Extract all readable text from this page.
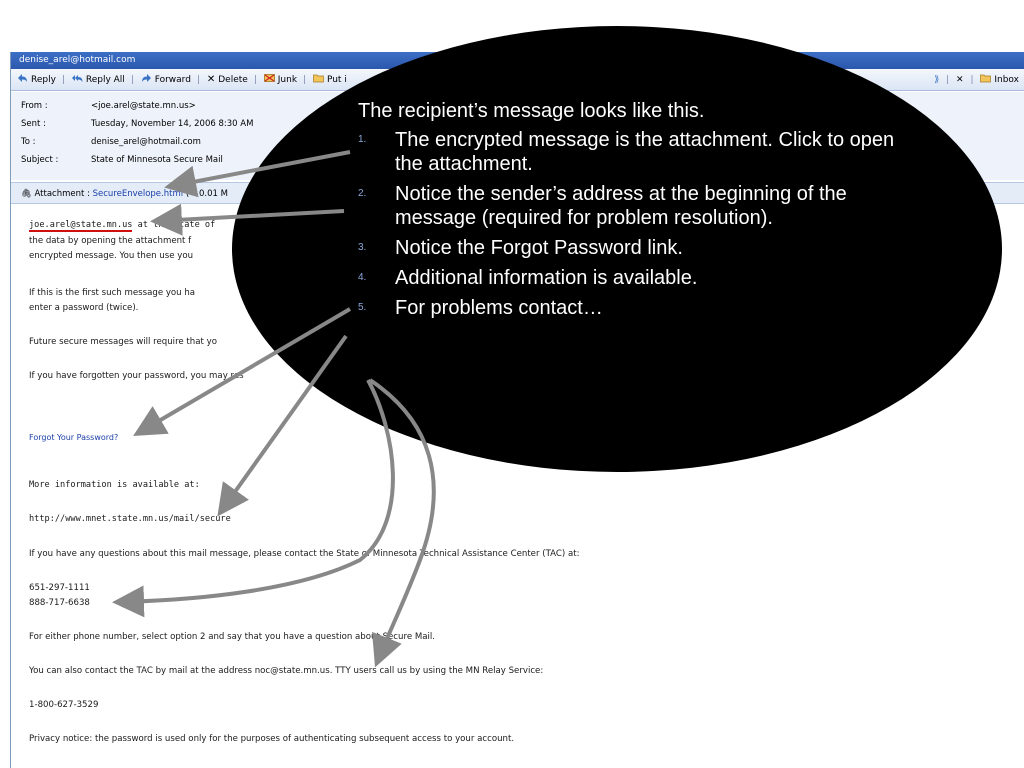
denise_arel@hotmail.com
Reply | Reply All | Forward | ✕ Delete | Junk | Put i	⟫ | ✕ | Inbox
From :	<joe.arel@state.mn.us>
Sent :	Tuesday, November 14, 2006 8:30 AM
To :	denise_arel@hotmail.com
Subject :	State of Minnesota Secure Mail
🖇 Attachment : SecureEnvelope.html (< 0.01 M
joe.arel@state.mn.us at the State of
the data by opening the attachment f
encrypted message. You then use you
If this is the first such message you ha
enter a password (twice).
Future secure messages will require that yo
If you have forgotten your password, you may res
Forgot Your Password?
More information is available at:
http://www.mnet.state.mn.us/mail/secure
If you have any questions about this mail message, please contact the State of Minnesota Technical Assistance Center (TAC) at:
651-297-1111
888-717-6638
For either phone number, select option 2 and say that you have a question about Secure Mail.
You can also contact the TAC by mail at the address noc@state.mn.us. TTY users call us by using the MN Relay Service:
1-800-627-3529
Privacy notice: the password is used only for the purposes of authenticating subsequent access to your account.

The recipient’s message looks like this.

1. The encrypted message is the attachment. Click to open the attachment.
2. Notice the sender’s address at the beginning of the message (required for problem resolution).
3. Notice the Forgot Password link.
4. Additional information is available.
5. For problems contact…
